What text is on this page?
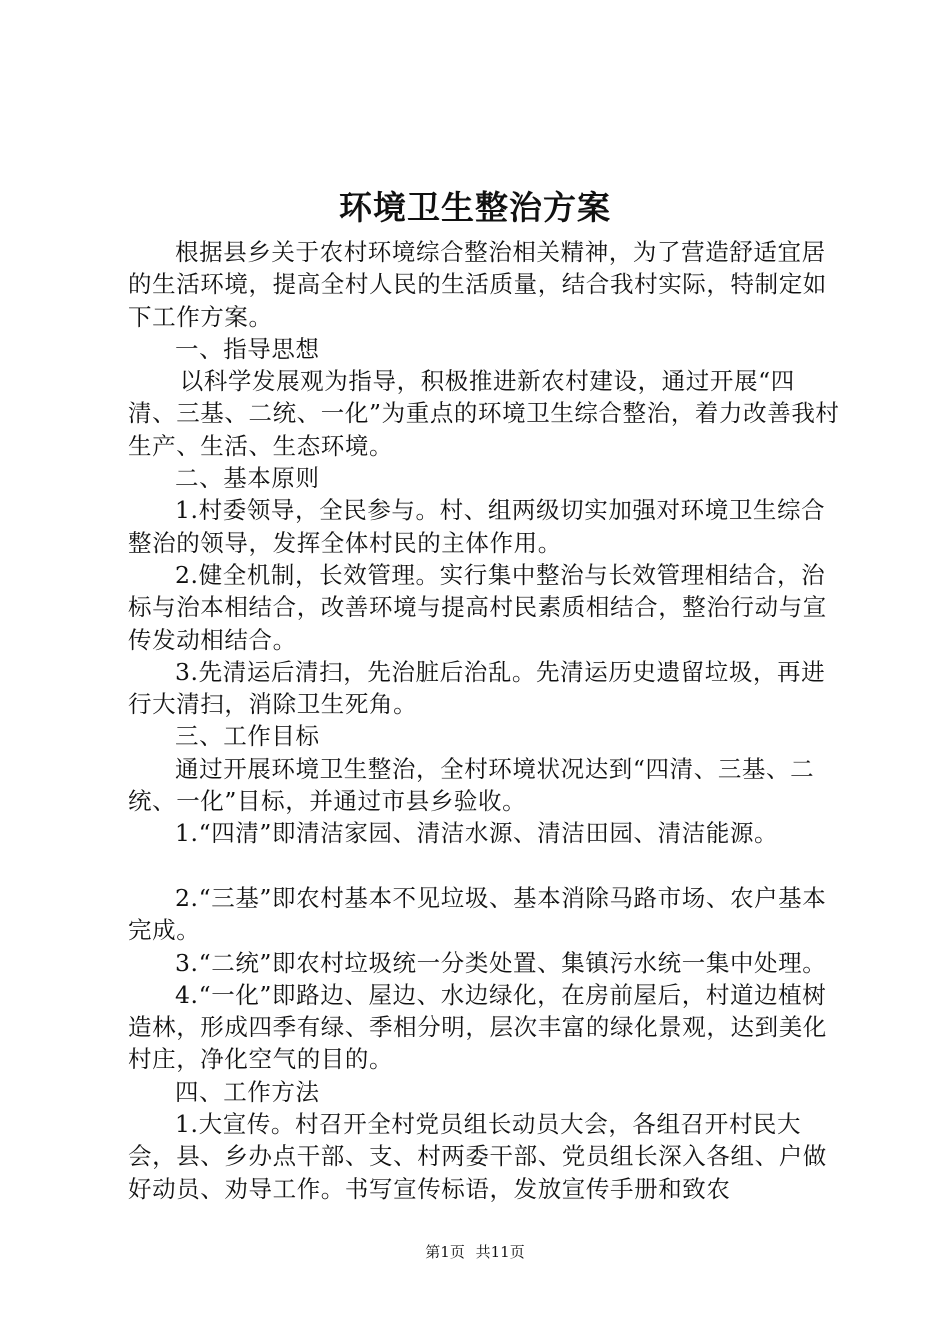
环境卫生整治方案

根据县乡关于农村环境综合整治相关精神，为了营造舒适宜居的生活环境，提高全村人民的生活质量，结合我村实际，特制定如下工作方案。

一、指导思想

以科学发展观为指导，积极推进新农村建设，通过开展“四清、三基、二统、一化”为重点的环境卫生综合整治，着力改善我村生产、生活、生态环境。

二、基本原则

1.村委领导，全民参与。村、组两级切实加强对环境卫生综合整治的领导，发挥全体村民的主体作用。

2.健全机制，长效管理。实行集中整治与长效管理相结合，治标与治本相结合，改善环境与提高村民素质相结合，整治行动与宣传发动相结合。

3.先清运后清扫，先治脏后治乱。先清运历史遗留垃圾，再进行大清扫，消除卫生死角。

三、工作目标

通过开展环境卫生整治，全村环境状况达到“四清、三基、二统、一化”目标，并通过市县乡验收。

1.“四清”即清洁家园、清洁水源、清洁田园、清洁能源。

2.“三基”即农村基本不见垃圾、基本消除马路市场、农户基本完成。

3.“二统”即农村垃圾统一分类处置、集镇污水统一集中处理。

4.“一化”即路边、屋边、水边绿化，在房前屋后，村道边植树造林，形成四季有绿、季相分明，层次丰富的绿化景观，达到美化村庄，净化空气的目的。

四、工作方法

1.大宣传。村召开全村党员组长动员大会，各组召开村民大会，县、乡办点干部、支、村两委干部、党员组长深入各组、户做好动员、劝导工作。书写宣传标语，发放宣传手册和致农

第1页 共11页
